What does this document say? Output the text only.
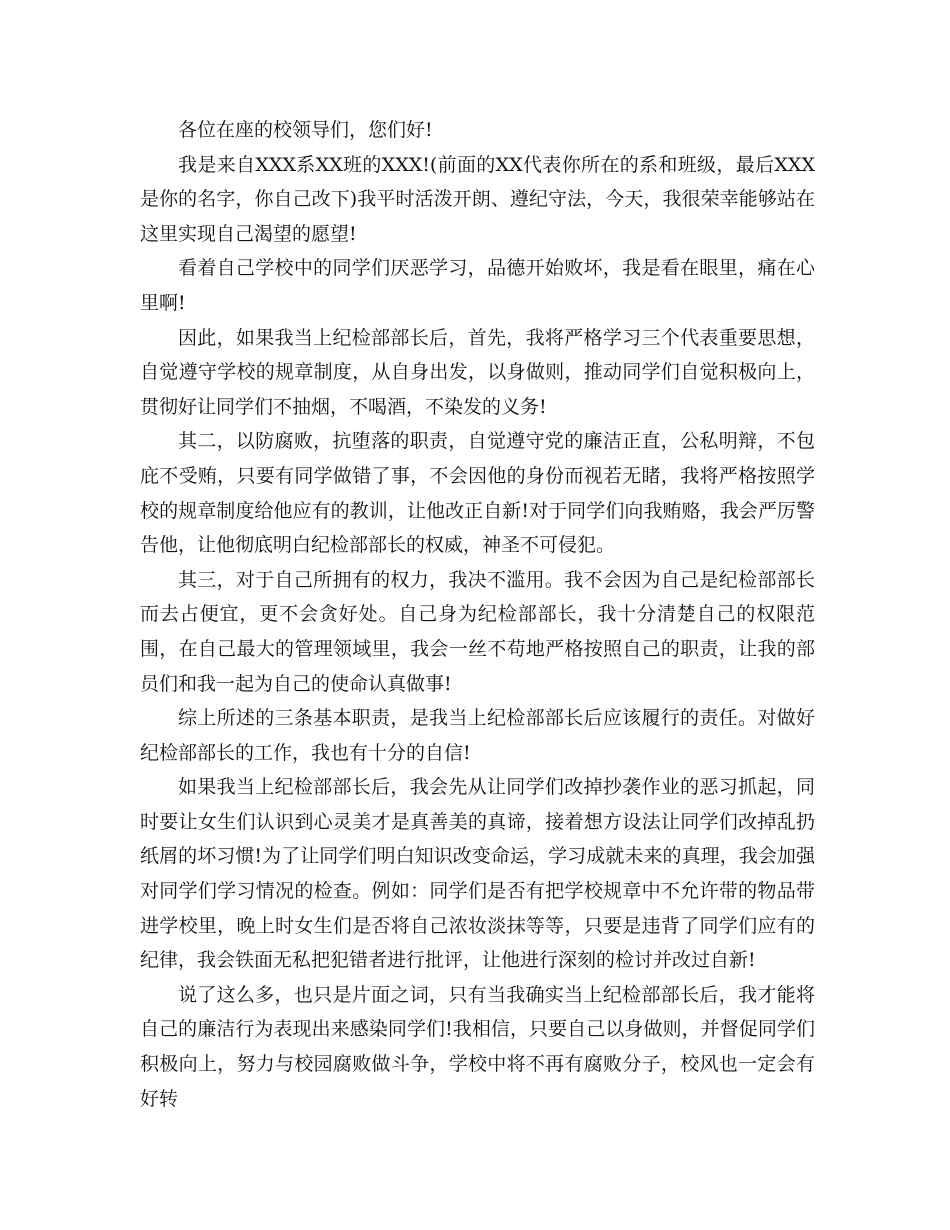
各位在座的校领导们，您们好!

我是来自XXX系XX班的XXX!(前面的XX代表你所在的系和班级，最后XXX是你的名字，你自己改下)我平时活泼开朗、遵纪守法，今天，我很荣幸能够站在这里实现自己渴望的愿望!

看着自己学校中的同学们厌恶学习，品德开始败坏，我是看在眼里，痛在心里啊!

因此，如果我当上纪检部部长后，首先，我将严格学习三个代表重要思想，自觉遵守学校的规章制度，从自身出发，以身做则，推动同学们自觉积极向上，贯彻好让同学们不抽烟，不喝酒，不染发的义务!

其二，以防腐败，抗堕落的职责，自觉遵守党的廉洁正直，公私明辩，不包庇不受贿，只要有同学做错了事，不会因他的身份而视若无睹，我将严格按照学校的规章制度给他应有的教训，让他改正自新!对于同学们向我贿赂，我会严厉警告他，让他彻底明白纪检部部长的权威，神圣不可侵犯。

其三，对于自己所拥有的权力，我决不滥用。我不会因为自己是纪检部部长而去占便宜，更不会贪好处。自己身为纪检部部长，我十分清楚自己的权限范围，在自己最大的管理领域里，我会一丝不苟地严格按照自己的职责，让我的部员们和我一起为自己的使命认真做事!

综上所述的三条基本职责，是我当上纪检部部长后应该履行的责任。对做好纪检部部长的工作，我也有十分的自信!

如果我当上纪检部部长后，我会先从让同学们改掉抄袭作业的恶习抓起，同时要让女生们认识到心灵美才是真善美的真谛，接着想方设法让同学们改掉乱扔纸屑的坏习惯!为了让同学们明白知识改变命运，学习成就未来的真理，我会加强对同学们学习情况的检查。例如：同学们是否有把学校规章中不允许带的物品带进学校里，晚上时女生们是否将自己浓妆淡抹等等，只要是违背了同学们应有的纪律，我会铁面无私把犯错者进行批评，让他进行深刻的检讨并改过自新!

说了这么多，也只是片面之词，只有当我确实当上纪检部部长后，我才能将自己的廉洁行为表现出来感染同学们!我相信，只要自己以身做则，并督促同学们积极向上，努力与校园腐败做斗争，学校中将不再有腐败分子，校风也一定会有好转
